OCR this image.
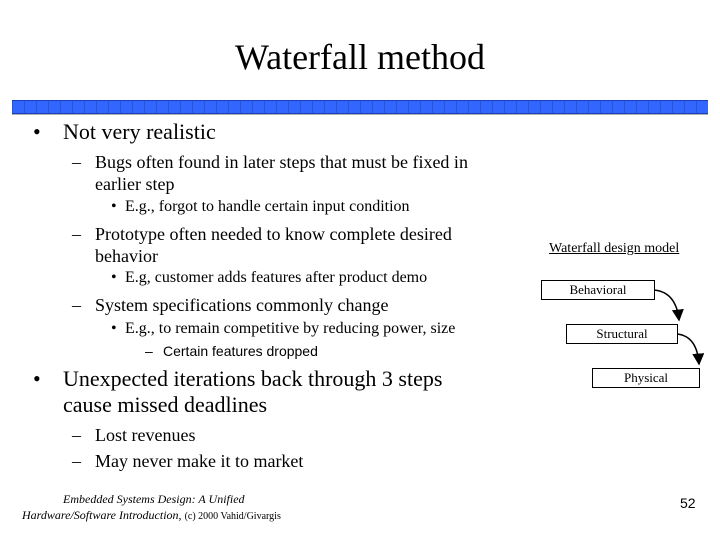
Waterfall method
• Not very realistic
– Bugs often found in later steps that must be fixed in
earlier step
• E.g., forgot to handle certain input condition
– Prototype often needed to know complete desired
behavior
• E.g, customer adds features after product demo
– System specifications commonly change
• E.g., to remain competitive by reducing power, size
– Certain features dropped
• Unexpected iterations back through 3 steps
cause missed deadlines
– Lost revenues
– May never make it to market
Waterfall design model
Behavioral
Structural
Physical
Embedded Systems Design: A Unified
Hardware/Software Introduction, (c) 2000 Vahid/Givargis
52
